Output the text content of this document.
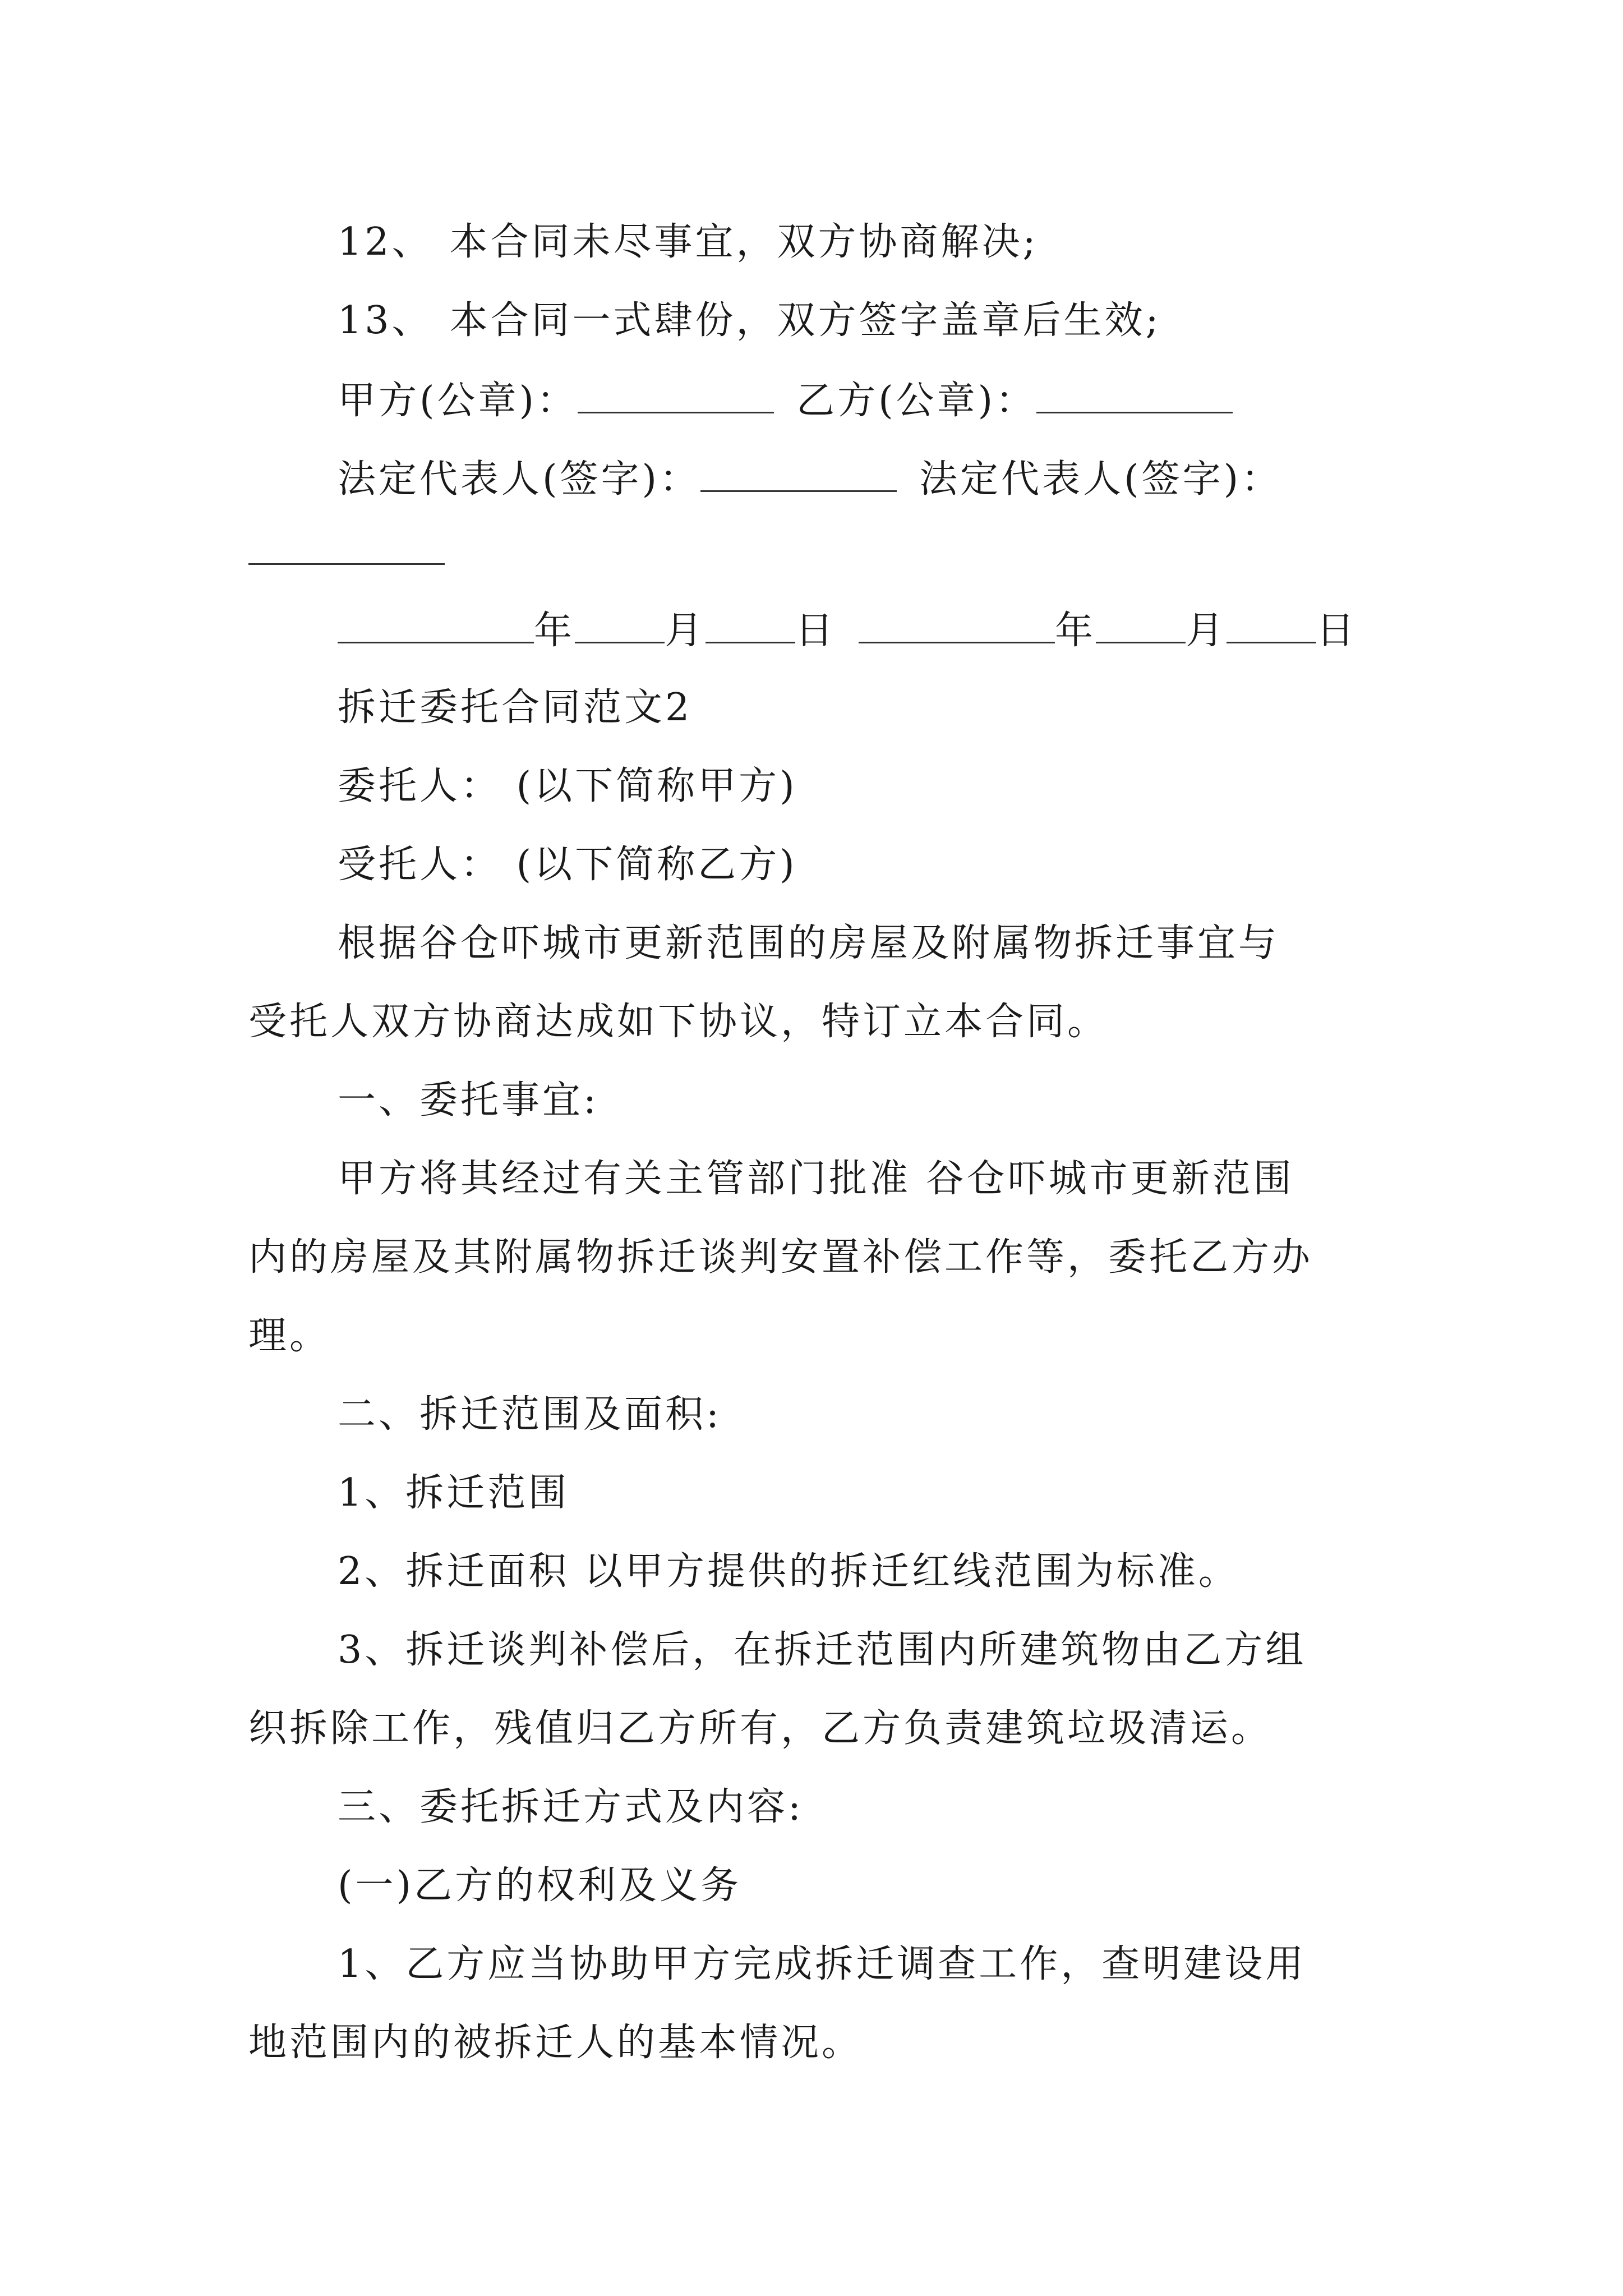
12、 本合同未尽事宜，双方协商解决;
13、 本合同一式肆份，双方签字盖章后生效;
甲方(公章)：	乙方(公章)：
法定代表人(签字)：	法定代表人(签字)：
年 月 日	年 月 日
拆迁委托合同范文2
委托人： (以下简称甲方)
受托人： (以下简称乙方)
根据谷仓吓城市更新范围的房屋及附属物拆迁事宜与
受托人双方协商达成如下协议，特订立本合同。
一、委托事宜:
甲方将其经过有关主管部门批准 谷仓吓城市更新范围
内的房屋及其附属物拆迁谈判安置补偿工作等，委托乙方办
理。
二、拆迁范围及面积:
1、拆迁范围
2、拆迁面积 以甲方提供的拆迁红线范围为标准。
3、拆迁谈判补偿后，在拆迁范围内所建筑物由乙方组
织拆除工作，残值归乙方所有，乙方负责建筑垃圾清运。
三、委托拆迁方式及内容:
(一)乙方的权利及义务
1、乙方应当协助甲方完成拆迁调查工作，查明建设用
地范围内的被拆迁人的基本情况。
